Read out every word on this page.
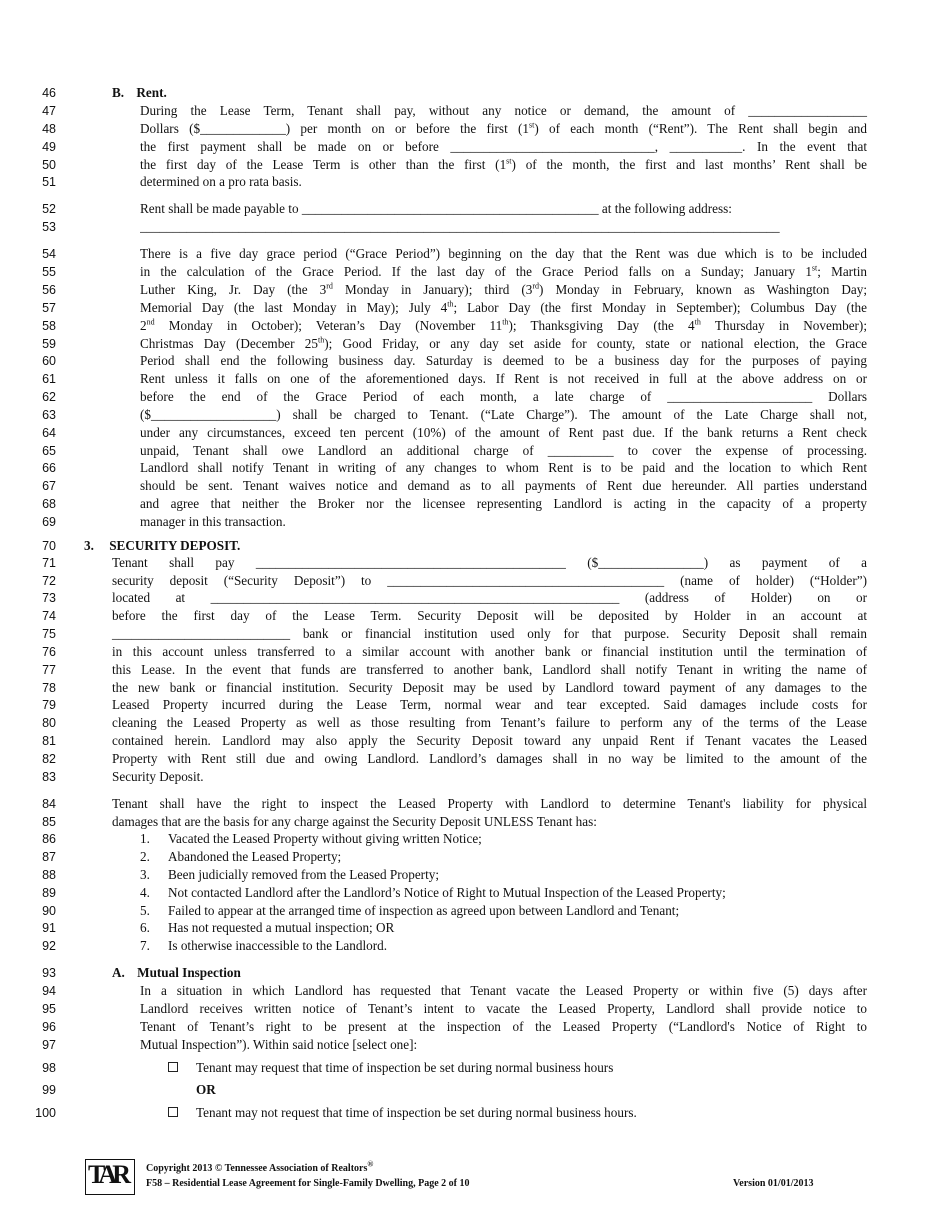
46
47
48
49
50
51
52
53
54
55
56
57
58
59
60
61
62
63
64
65
66
67
68
69
70
71
72
73
74
75
76
77
78
79
80
81
82
83
84
85
86
87
88
89
90
91
92
93
94
95
96
97
98
99
100
B. Rent.
During the Lease Term, Tenant shall pay, without any notice or demand, the amount of __________________
Dollars ($_____________) per month on or before the first (1st) of each month (“Rent”). The Rent shall begin and
the first payment shall be made on or before _______________________________, ___________. In the event that
the first day of the Lease Term is other than the first (1st) of the month, the first and last months’ Rent shall be
determined on a pro rata basis.
Rent shall be made payable to _____________________________________________ at the following address:
_________________________________________________________________________________________________
There is a five day grace period (“Grace Period”) beginning on the day that the Rent was due which is to be included
in the calculation of the Grace Period. If the last day of the Grace Period falls on a Sunday; January 1st; Martin
Luther King, Jr. Day (the 3rd Monday in January); third (3rd) Monday in February, known as Washington Day;
Memorial Day (the last Monday in May); July 4th; Labor Day (the first Monday in September); Columbus Day (the
2nd Monday in October); Veteran’s Day (November 11th); Thanksgiving Day (the 4th Thursday in November);
Christmas Day (December 25th); Good Friday, or any day set aside for county, state or national election, the Grace
Period shall end the following business day. Saturday is deemed to be a business day for the purposes of paying
Rent unless it falls on one of the aforementioned days. If Rent is not received in full at the above address on or
before the end of the Grace Period of each month, a late charge of ______________________ Dollars
($___________________) shall be charged to Tenant. (“Late Charge”). The amount of the Late Charge shall not,
under any circumstances, exceed ten percent (10%) of the amount of Rent past due. If the bank returns a Rent check
unpaid, Tenant shall owe Landlord an additional charge of __________ to cover the expense of processing.
Landlord shall notify Tenant in writing of any changes to whom Rent is to be paid and the location to which Rent
should be sent. Tenant waives notice and demand as to all payments of Rent due hereunder. All parties understand
and agree that neither the Broker nor the licensee representing Landlord is acting in the capacity of a property
manager in this transaction.
3. SECURITY DEPOSIT.
Tenant shall pay _______________________________________________ ($________________) as payment of a
security deposit (“Security Deposit”) to __________________________________________ (name of holder) (“Holder”)
located at ______________________________________________________________ (address of Holder) on or
before the first day of the Lease Term. Security Deposit will be deposited by Holder in an account at
___________________________ bank or financial institution used only for that purpose. Security Deposit shall remain
in this account unless transferred to a similar account with another bank or financial institution until the termination of
this Lease. In the event that funds are transferred to another bank, Landlord shall notify Tenant in writing the name of
the new bank or financial institution. Security Deposit may be used by Landlord toward payment of any damages to the
Leased Property incurred during the Lease Term, normal wear and tear excepted. Said damages include costs for
cleaning the Leased Property as well as those resulting from Tenant’s failure to perform any of the terms of the Lease
contained herein. Landlord may also apply the Security Deposit toward any unpaid Rent if Tenant vacates the Leased
Property with Rent still due and owing Landlord. Landlord’s damages shall in no way be limited to the amount of the
Security Deposit.
Tenant shall have the right to inspect the Leased Property with Landlord to determine Tenant's liability for physical
damages that are the basis for any charge against the Security Deposit UNLESS Tenant has:
1. Vacated the Leased Property without giving written Notice;
2. Abandoned the Leased Property;
3. Been judicially removed from the Leased Property;
4. Not contacted Landlord after the Landlord’s Notice of Right to Mutual Inspection of the Leased Property;
5. Failed to appear at the arranged time of inspection as agreed upon between Landlord and Tenant;
6. Has not requested a mutual inspection; OR
7. Is otherwise inaccessible to the Landlord.
A. Mutual Inspection
In a situation in which Landlord has requested that Tenant vacate the Leased Property or within five (5) days after
Landlord receives written notice of Tenant’s intent to vacate the Leased Property, Landlord shall provide notice to
Tenant of Tenant’s right to be present at the inspection of the Leased Property (“Landlord's Notice of Right to
Mutual Inspection”). Within said notice [select one]:
Tenant may request that time of inspection be set during normal business hours
OR
Tenant may not request that time of inspection be set during normal business hours.
TAR Copyright 2013 © Tennessee Association of Realtors®
F58 – Residential Lease Agreement for Single-Family Dwelling, Page 2 of 10	Version 01/01/2013
